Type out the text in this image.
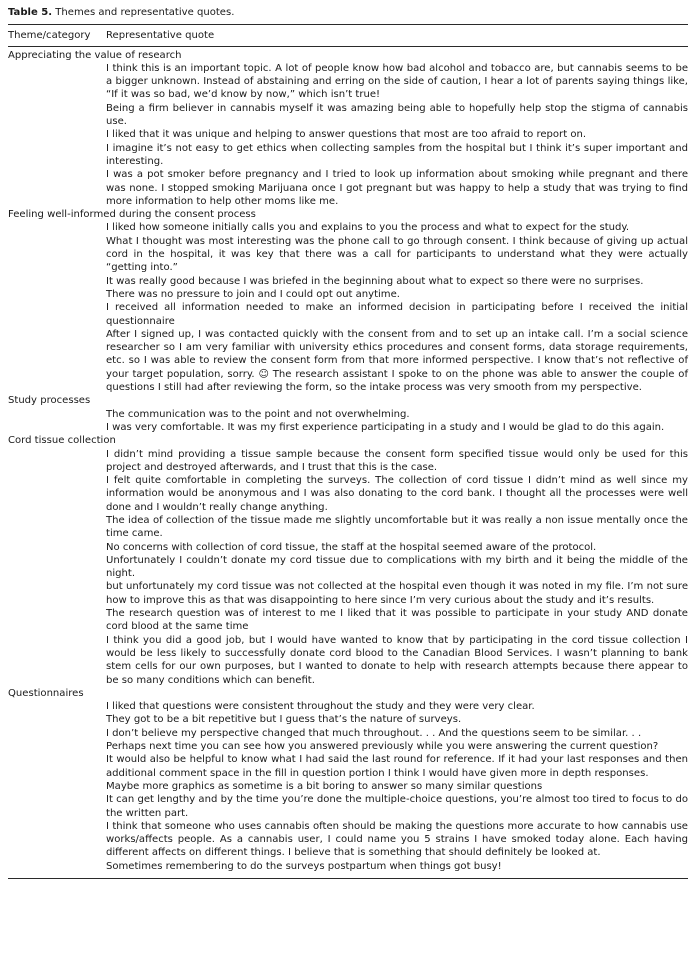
Table 5. Themes and representative quotes.
Theme/category	Representative quote
Appreciating the value of research
I think this is an important topic. A lot of people know how bad alcohol and tobacco are, but cannabis seems to be a bigger unknown. Instead of abstaining and erring on the side of caution, I hear a lot of parents saying things like, “If it was so bad, we’d know by now,” which isn’t true!
Being a firm believer in cannabis myself it was amazing being able to hopefully help stop the stigma of cannabis use.
I liked that it was unique and helping to answer questions that most are too afraid to report on.
I imagine it’s not easy to get ethics when collecting samples from the hospital but I think it’s super important and interesting.
I was a pot smoker before pregnancy and I tried to look up information about smoking while pregnant and there was none. I stopped smoking Marijuana once I got pregnant but was happy to help a study that was trying to find more information to help other moms like me.
Feeling well-informed during the consent process
I liked how someone initially calls you and explains to you the process and what to expect for the study.
What I thought was most interesting was the phone call to go through consent. I think because of giving up actual cord in the hospital, it was key that there was a call for participants to understand what they were actually “getting into.”
It was really good because I was briefed in the beginning about what to expect so there were no surprises.
There was no pressure to join and I could opt out anytime.
I received all information needed to make an informed decision in participating before I received the initial questionnaire
After I signed up, I was contacted quickly with the consent from and to set up an intake call. I’m a social science researcher so I am very familiar with university ethics procedures and consent forms, data storage requirements, etc. so I was able to review the consent form from that more informed perspective. I know that’s not reflective of your target population, sorry. ☺ The research assistant I spoke to on the phone was able to answer the couple of questions I still had after reviewing the form, so the intake process was very smooth from my perspective.
Study processes
The communication was to the point and not overwhelming.
I was very comfortable. It was my first experience participating in a study and I would be glad to do this again.
Cord tissue collection
I didn’t mind providing a tissue sample because the consent form specified tissue would only be used for this project and destroyed afterwards, and I trust that this is the case.
I felt quite comfortable in completing the surveys. The collection of cord tissue I didn’t mind as well since my information would be anonymous and I was also donating to the cord bank. I thought all the processes were well done and I wouldn’t really change anything.
The idea of collection of the tissue made me slightly uncomfortable but it was really a non issue mentally once the time came.
No concerns with collection of cord tissue, the staff at the hospital seemed aware of the protocol.
Unfortunately I couldn’t donate my cord tissue due to complications with my birth and it being the middle of the night.
but unfortunately my cord tissue was not collected at the hospital even though it was noted in my file. I’m not sure how to improve this as that was disappointing to here since I’m very curious about the study and it’s results.
The research question was of interest to me I liked that it was possible to participate in your study AND donate cord blood at the same time
I think you did a good job, but I would have wanted to know that by participating in the cord tissue collection I would be less likely to successfully donate cord blood to the Canadian Blood Services. I wasn’t planning to bank stem cells for our own purposes, but I wanted to donate to help with research attempts because there appear to be so many conditions which can benefit.
Questionnaires
I liked that questions were consistent throughout the study and they were very clear.
They got to be a bit repetitive but I guess that’s the nature of surveys.
I don’t believe my perspective changed that much throughout. . . And the questions seem to be similar. . .
Perhaps next time you can see how you answered previously while you were answering the current question?
It would also be helpful to know what I had said the last round for reference. If it had your last responses and then additional comment space in the fill in question portion I think I would have given more in depth responses.
Maybe more graphics as sometime is a bit boring to answer so many similar questions
It can get lengthy and by the time you’re done the multiple-choice questions, you’re almost too tired to focus to do the written part.
I think that someone who uses cannabis often should be making the questions more accurate to how cannabis use works/affects people. As a cannabis user, I could name you 5 strains I have smoked today alone. Each having different affects on different things. I believe that is something that should definitely be looked at.
Sometimes remembering to do the surveys postpartum when things got busy!
